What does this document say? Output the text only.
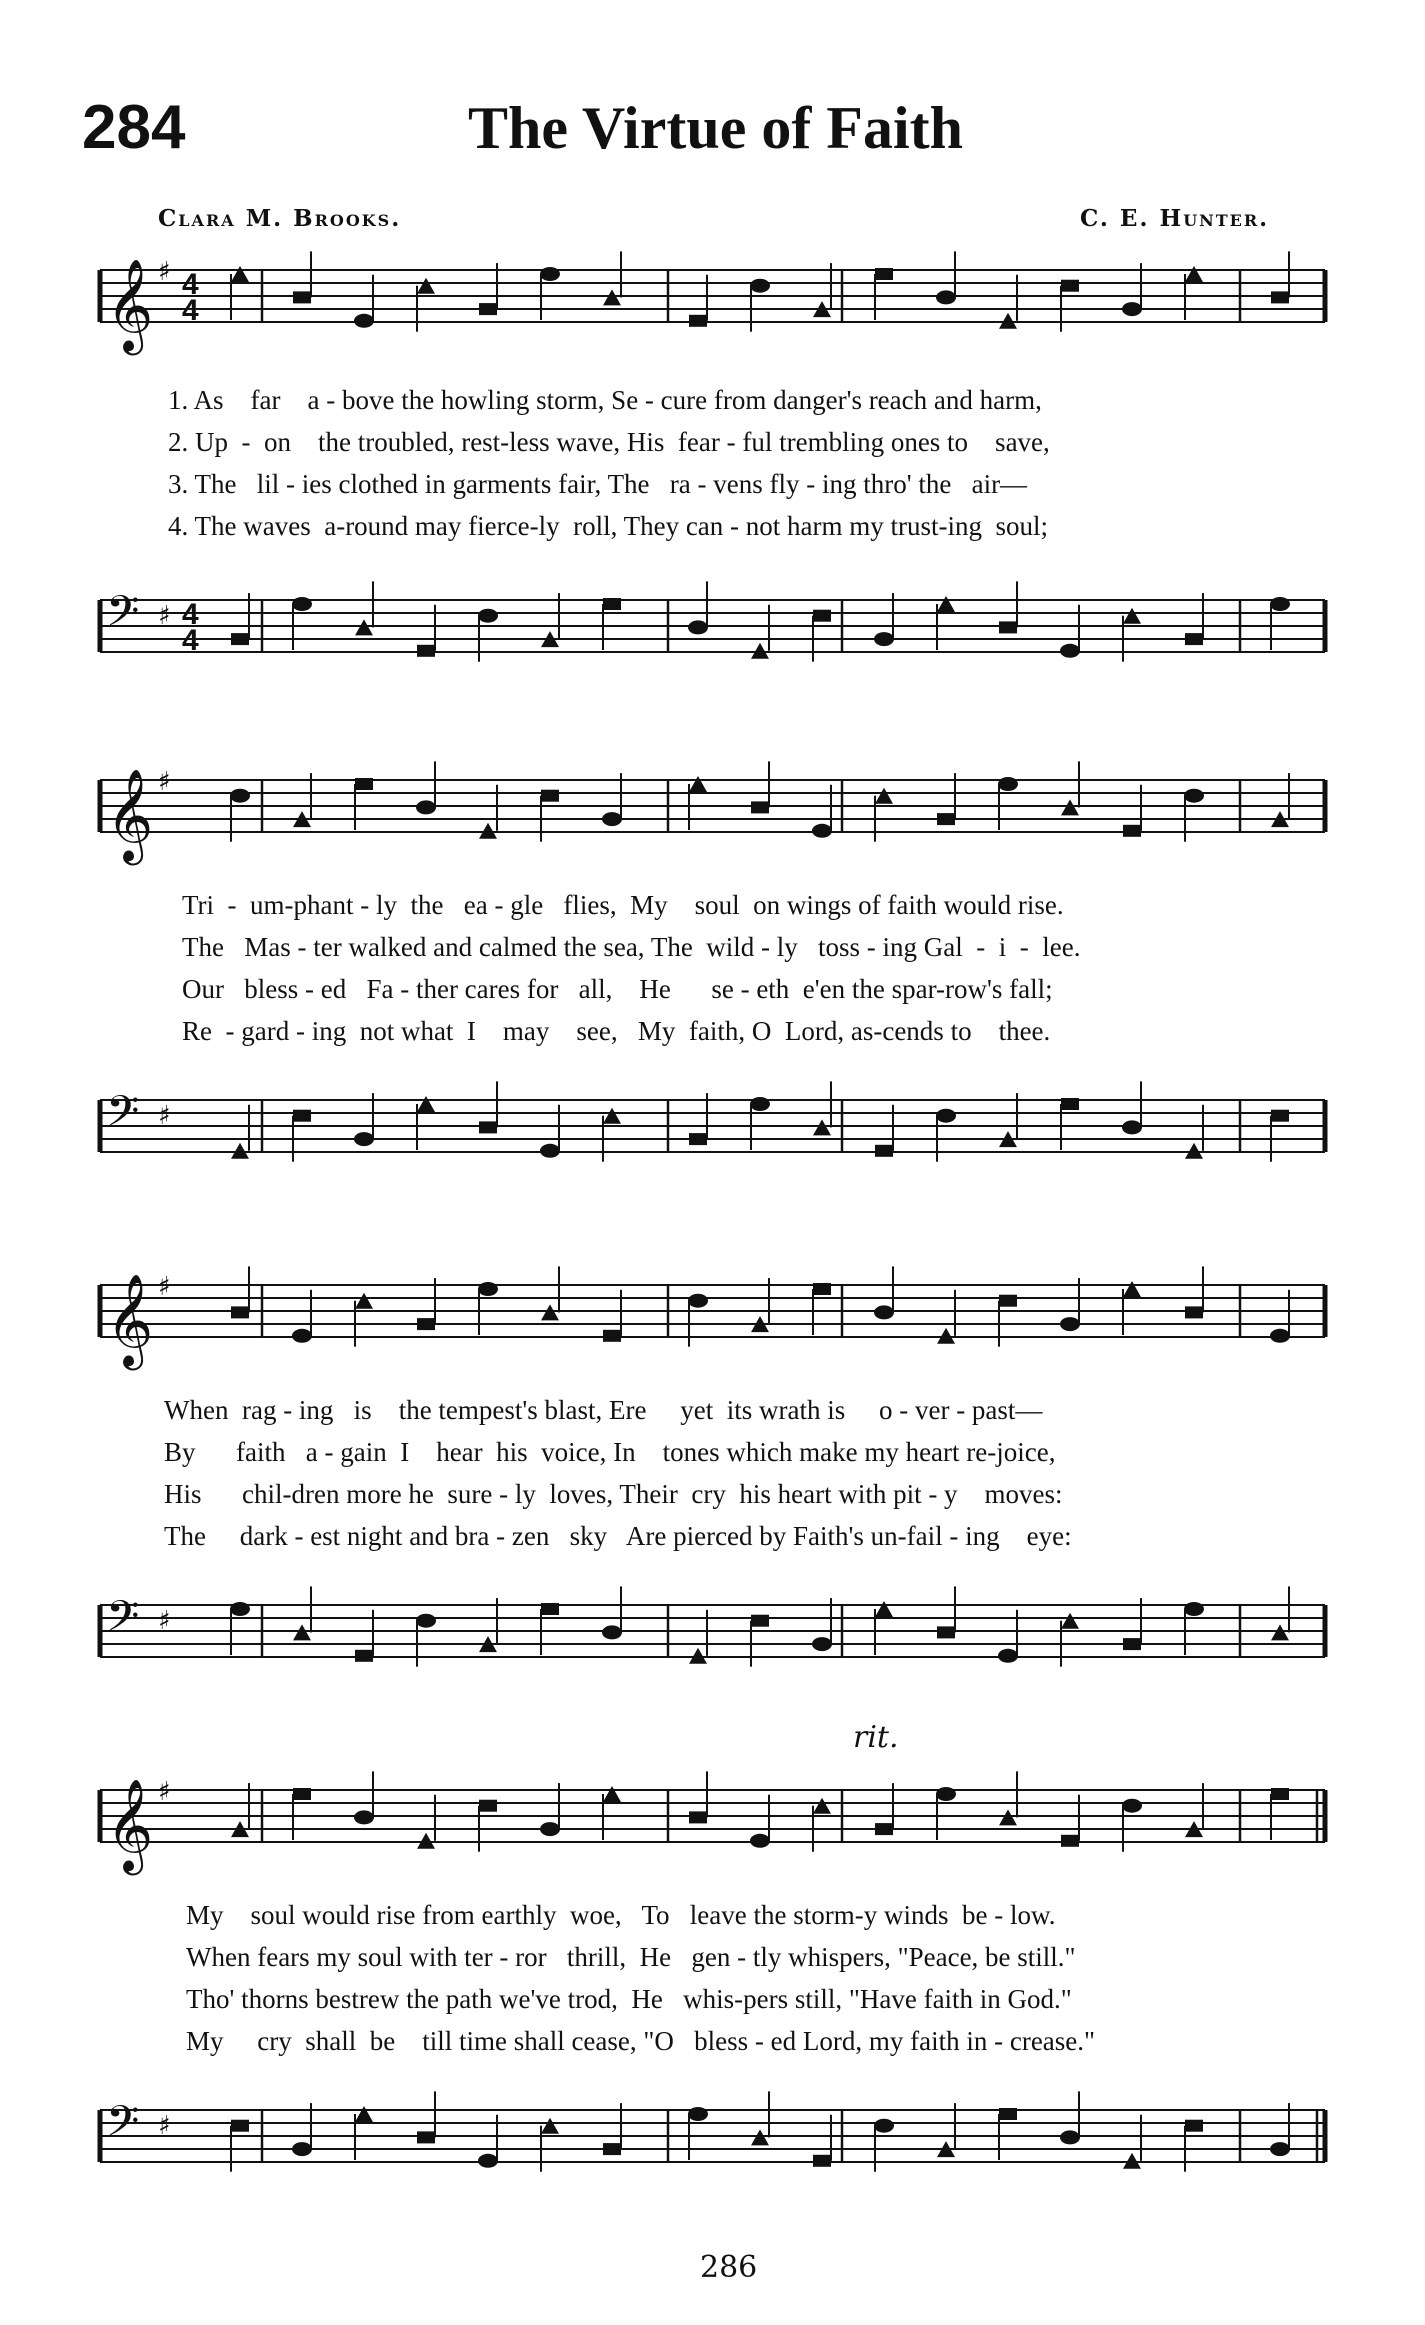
284	The Virtue of Faith
Clara M. Brooks.	C. E. Hunter.
𝄞 ♯ 4
4
1. As    far    a - bove the howling storm, Se - cure from danger's reach and harm,
2. Up  -  on    the troubled, rest-less wave, His  fear - ful trembling ones to    save,
3. The   lil - ies clothed in garments fair, The   ra - vens fly - ing thro' the   air—
4. The waves  a-round may fierce-ly  roll, They can - not harm my trust-ing  soul;
𝄢 ♯ 4
4
𝄞 ♯
Tri  -  um-phant - ly  the   ea - gle   flies,  My    soul  on wings of faith would rise.
The   Mas - ter walked and calmed the sea, The  wild - ly   toss - ing Gal  -  i  -  lee.
Our   bless - ed   Fa - ther cares for   all,    He      se - eth  e'en the spar-row's fall;
Re  - gard - ing  not what  I    may    see,   My  faith, O  Lord, as-cends to    thee.
𝄢 ♯
𝄞 ♯
When  rag - ing   is    the tempest's blast, Ere     yet  its wrath is     o - ver - past—
By      faith   a - gain  I    hear  his  voice, In    tones which make my heart re-joice,
His      chil-dren more he  sure - ly  loves, Their  cry  his heart with pit - y    moves:
The     dark - est night and bra - zen   sky   Are pierced by Faith's un-fail - ing    eye:
𝄢 ♯
rit.
𝄞 ♯
My    soul would rise from earthly  woe,   To   leave the storm-y winds  be - low.
When fears my soul with ter - ror   thrill,  He   gen - tly whispers, "Peace, be still."
Tho' thorns bestrew the path we've trod,  He   whis-pers still, "Have faith in God."
My     cry  shall  be    till time shall cease, "O   bless - ed Lord, my faith in - crease."
𝄢 ♯
286
